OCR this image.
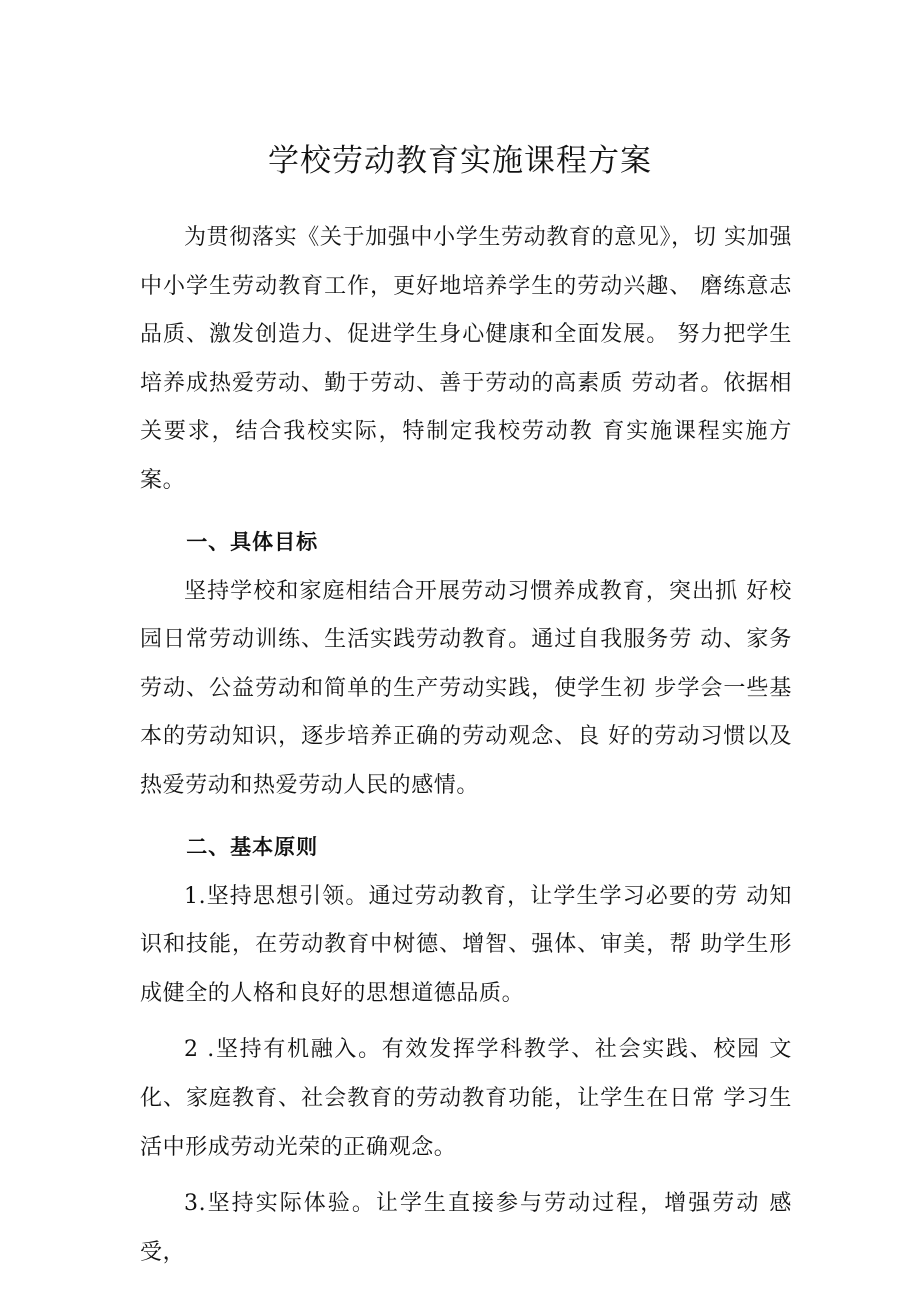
学校劳动教育实施课程方案

为贯彻落实《关于加强中小学生劳动教育的意见》，切 实加强中小学生劳动教育工作，更好地培养学生的劳动兴趣、 磨练意志品质、激发创造力、促进学生身心健康和全面发展。 努力把学生培养成热爱劳动、勤于劳动、善于劳动的高素质 劳动者。依据相关要求，结合我校实际，特制定我校劳动教 育实施课程实施方案。

一、具体目标

坚持学校和家庭相结合开展劳动习惯养成教育，突出抓 好校园日常劳动训练、生活实践劳动教育。通过自我服务劳 动、家务劳动、公益劳动和简单的生产劳动实践，使学生初 步学会一些基本的劳动知识，逐步培养正确的劳动观念、良 好的劳动习惯以及热爱劳动和热爱劳动人民的感情。

二、基本原则

1.坚持思想引领。通过劳动教育，让学生学习必要的劳 动知识和技能，在劳动教育中树德、增智、强体、审美，帮 助学生形成健全的人格和良好的思想道德品质。

2 .坚持有机融入。有效发挥学科教学、社会实践、校园 文化、家庭教育、社会教育的劳动教育功能，让学生在日常 学习生活中形成劳动光荣的正确观念。

3.坚持实际体验。让学生直接参与劳动过程，增强劳动 感受，
